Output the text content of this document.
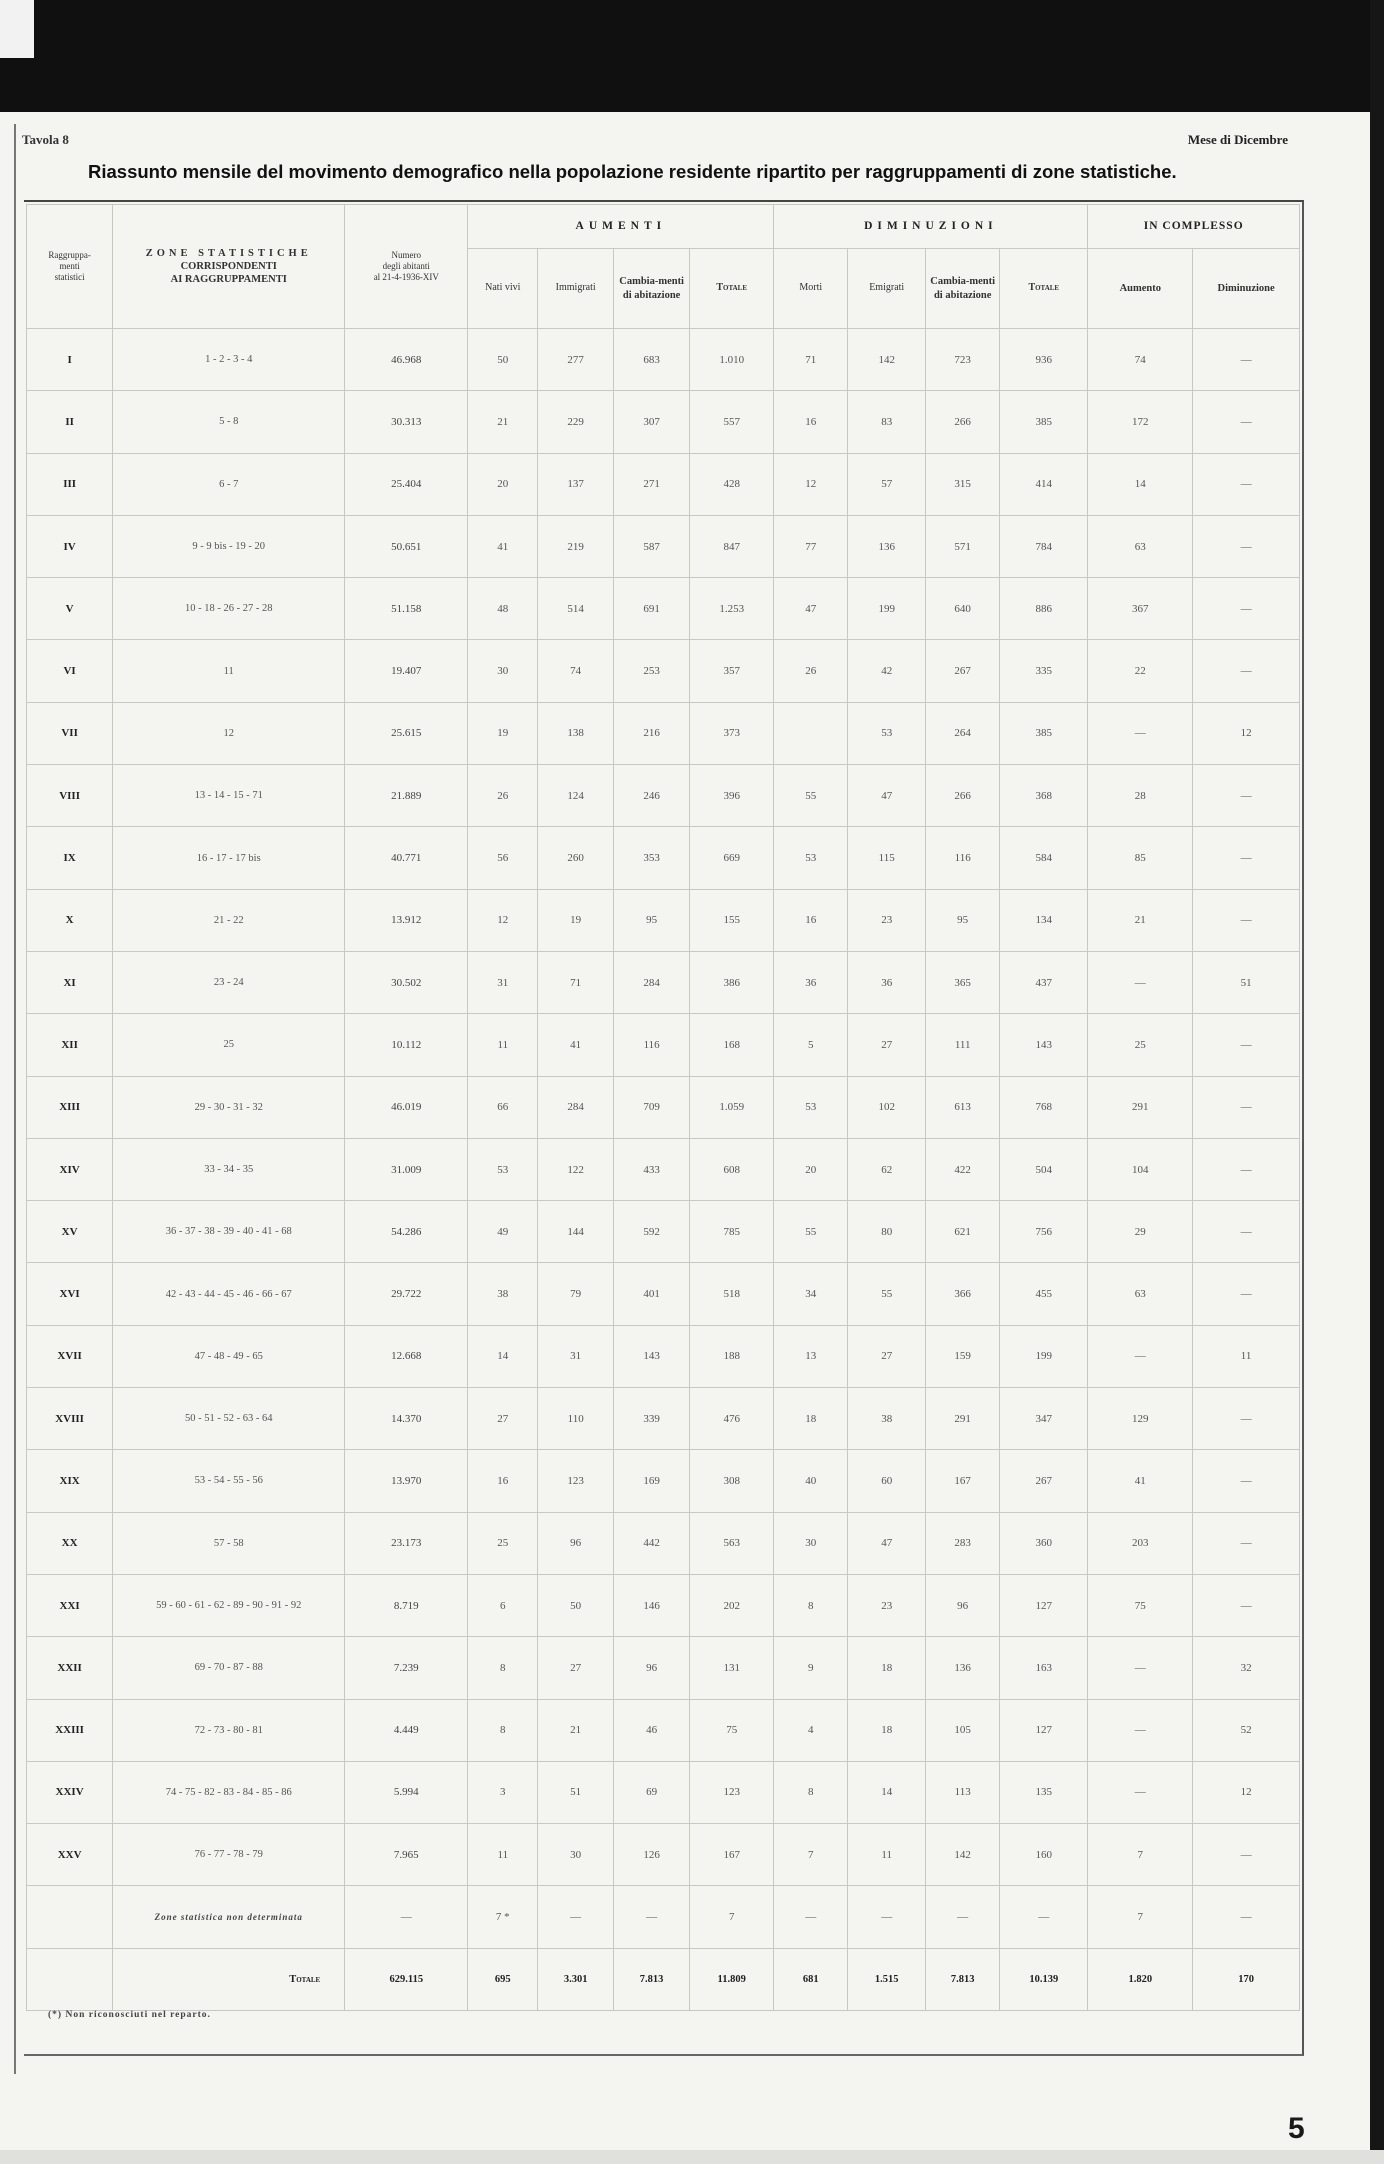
Tavola 8	Mese di Dicembre
Riassunto mensile del movimento demografico nella popolazione residente ripartito per raggruppamenti di zone statistiche.
Raggruppa-
menti
statistici	ZONE STATISTICHE
CORRISPONDENTI
AI RAGGRUPPAMENTI	Numero
degli abitanti
al 21-4-1936-XIV	AUMENTI				DIMINUZIONI				IN COMPLESSO	
			Nati vivi	Immigrati	Cambia-menti di abitazione	Totale	Morti	Emigrati	Cambia-menti di abitazione	Totale	Aumento	Diminuzione
I	1 - 2 - 3 - 4	46.968	50	277	683	1.010	71	142	723	936	74	—
II	5 - 8	30.313	21	229	307	557	16	83	266	385	172	—
III	6 - 7	25.404	20	137	271	428	12	57	315	414	14	—
IV	9 - 9 bis - 19 - 20	50.651	41	219	587	847	77	136	571	784	63	—
V	10 - 18 - 26 - 27 - 28	51.158	48	514	691	1.253	47	199	640	886	367	—
VI	11	19.407	30	74	253	357	26	42	267	335	22	—
VII	12	25.615	19	138	216	373		53	264	385	—	12
VIII	13 - 14 - 15 - 71	21.889	26	124	246	396	55	47	266	368	28	—
IX	16 - 17 - 17 bis	40.771	56	260	353	669	53	115	116	584	85	—
X	21 - 22	13.912	12	19	95	155	16	23	95	134	21	—
XI	23 - 24	30.502	31	71	284	386	36	36	365	437	—	51
XII	25	10.112	11	41	116	168	5	27	111	143	25	—
XIII	29 - 30 - 31 - 32	46.019	66	284	709	1.059	53	102	613	768	291	—
XIV	33 - 34 - 35	31.009	53	122	433	608	20	62	422	504	104	—
XV	36 - 37 - 38 - 39 - 40 - 41 - 68	54.286	49	144	592	785	55	80	621	756	29	—
XVI	42 - 43 - 44 - 45 - 46 - 66 - 67	29.722	38	79	401	518	34	55	366	455	63	—
XVII	47 - 48 - 49 - 65	12.668	14	31	143	188	13	27	159	199	—	11
XVIII	50 - 51 - 52 - 63 - 64	14.370	27	110	339	476	18	38	291	347	129	—
XIX	53 - 54 - 55 - 56	13.970	16	123	169	308	40	60	167	267	41	—
XX	57 - 58	23.173	25	96	442	563	30	47	283	360	203	—
XXI	59 - 60 - 61 - 62 - 89 - 90 - 91 - 92	8.719	6	50	146	202	8	23	96	127	75	—
XXII	69 - 70 - 87 - 88	7.239	8	27	96	131	9	18	136	163	—	32
XXIII	72 - 73 - 80 - 81	4.449	8	21	46	75	4	18	105	127	—	52
XXIV	74 - 75 - 82 - 83 - 84 - 85 - 86	5.994	3	51	69	123	8	14	113	135	—	12
XXV	76 - 77 - 78 - 79	7.965	11	30	126	167	7	11	142	160	7	—
	Zone statistica non determinata	—	7 *	—	—	7	—	—	—	—	7	—
	Totale	629.115	695	3.301	7.813	11.809	681	1.515	7.813	10.139	1.820	170
(*) Non riconosciuti nel reparto.
5
